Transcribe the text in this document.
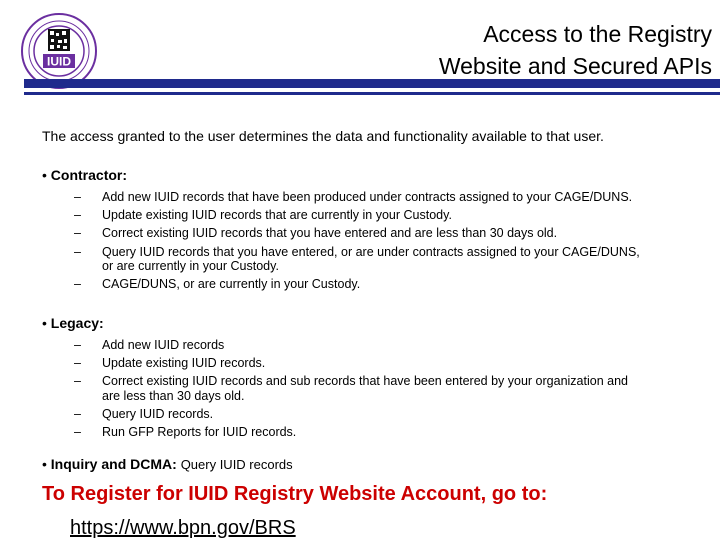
IUID
Access to the Registry
Website and Secured APIs
The access granted to the user determines the data and functionality available to that user.
• Contractor:
– Add new IUID records that have been produced under contracts assigned to your CAGE/DUNS.
– Update existing IUID records that are currently in your Custody.
– Correct existing IUID records that you have entered and are less than 30 days old.
– Query IUID records that you have entered, or are under contracts assigned to your CAGE/DUNS, or are currently in your Custody.
– CAGE/DUNS, or are currently in your Custody.
• Legacy:
– Add new IUID records
– Update existing IUID records.
– Correct existing IUID records and sub records that have been entered by your organization and are less than 30 days old.
– Query IUID records.
– Run GFP Reports for IUID records.
• Inquiry and DCMA: Query IUID records
To Register for IUID Registry Website Account, go to:
https://www.bpn.gov/BRS
